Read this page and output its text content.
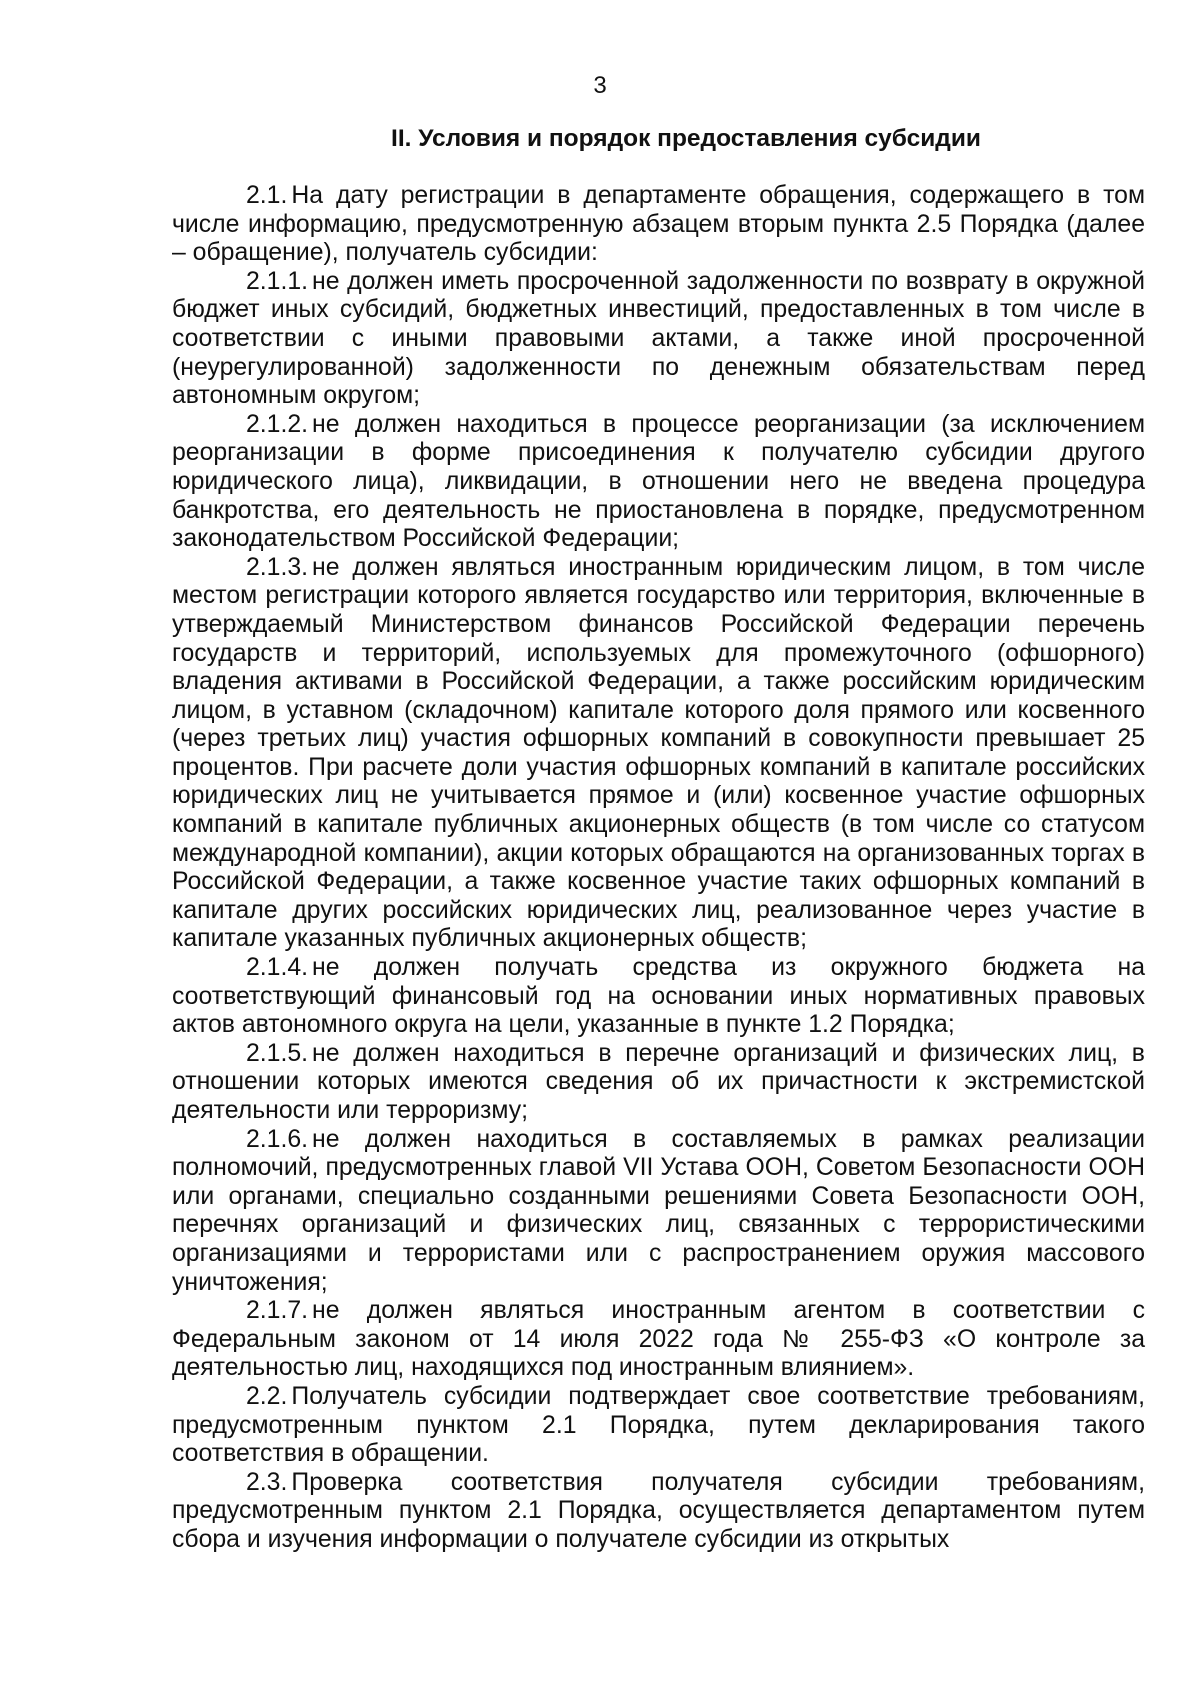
3
II. Условия и порядок предоставления субсидии

2.1. На дату регистрации в департаменте обращения, содержащего в том числе информацию, предусмотренную абзацем вторым пункта 2.5 Порядка (далее – обращение), получатель субсидии:

2.1.1. не должен иметь просроченной задолженности по возврату в окружной бюджет иных субсидий, бюджетных инвестиций, предоставленных в том числе в соответствии с иными правовыми актами, а также иной просроченной (неурегулированной) задолженности по денежным обязательствам перед автономным округом;

2.1.2. не должен находиться в процессе реорганизации (за исключением реорганизации в форме присоединения к получателю субсидии другого юридического лица), ликвидации, в отношении него не введена процедура банкротства, его деятельность не приостановлена в порядке, предусмотренном законодательством Российской Федерации;

2.1.3. не должен являться иностранным юридическим лицом, в том числе местом регистрации которого является государство или территория, включенные в утверждаемый Министерством финансов Российской Федерации перечень государств и территорий, используемых для промежуточного (офшорного) владения активами в Российской Федерации, а также российским юридическим лицом, в уставном (складочном) капитале которого доля прямого или косвенного (через третьих лиц) участия офшорных компаний в совокупности превышает 25 процентов. При расчете доли участия офшорных компаний в капитале российских юридических лиц не учитывается прямое и (или) косвенное участие офшорных компаний в капитале публичных акционерных обществ (в том числе со статусом международной компании), акции которых обращаются на организованных торгах в Российской Федерации, а также косвенное участие таких офшорных компаний в капитале других российских юридических лиц, реализованное через участие в капитале указанных публичных акционерных обществ;

2.1.4. не должен получать средства из окружного бюджета на соответствующий финансовый год на основании иных нормативных правовых актов автономного округа на цели, указанные в пункте 1.2 Порядка;

2.1.5. не должен находиться в перечне организаций и физических лиц, в отношении которых имеются сведения об их причастности к экстремистской деятельности или терроризму;

2.1.6. не должен находиться в составляемых в рамках реализации полномочий, предусмотренных главой VII Устава ООН, Советом Безопасности ООН или органами, специально созданными решениями Совета Безопасности ООН, перечнях организаций и физических лиц, связанных с террористическими организациями и террористами или с распространением оружия массового уничтожения;

2.1.7. не должен являться иностранным агентом в соответствии с Федеральным законом от 14 июля 2022 года № 255-ФЗ «О контроле за деятельностью лиц, находящихся под иностранным влиянием».

2.2. Получатель субсидии подтверждает свое соответствие требованиям, предусмотренным пунктом 2.1 Порядка, путем декларирования такого соответствия в обращении.

2.3. Проверка соответствия получателя субсидии требованиям, предусмотренным пунктом 2.1 Порядка, осуществляется департаментом путем сбора и изучения информации о получателе субсидии из открытых
